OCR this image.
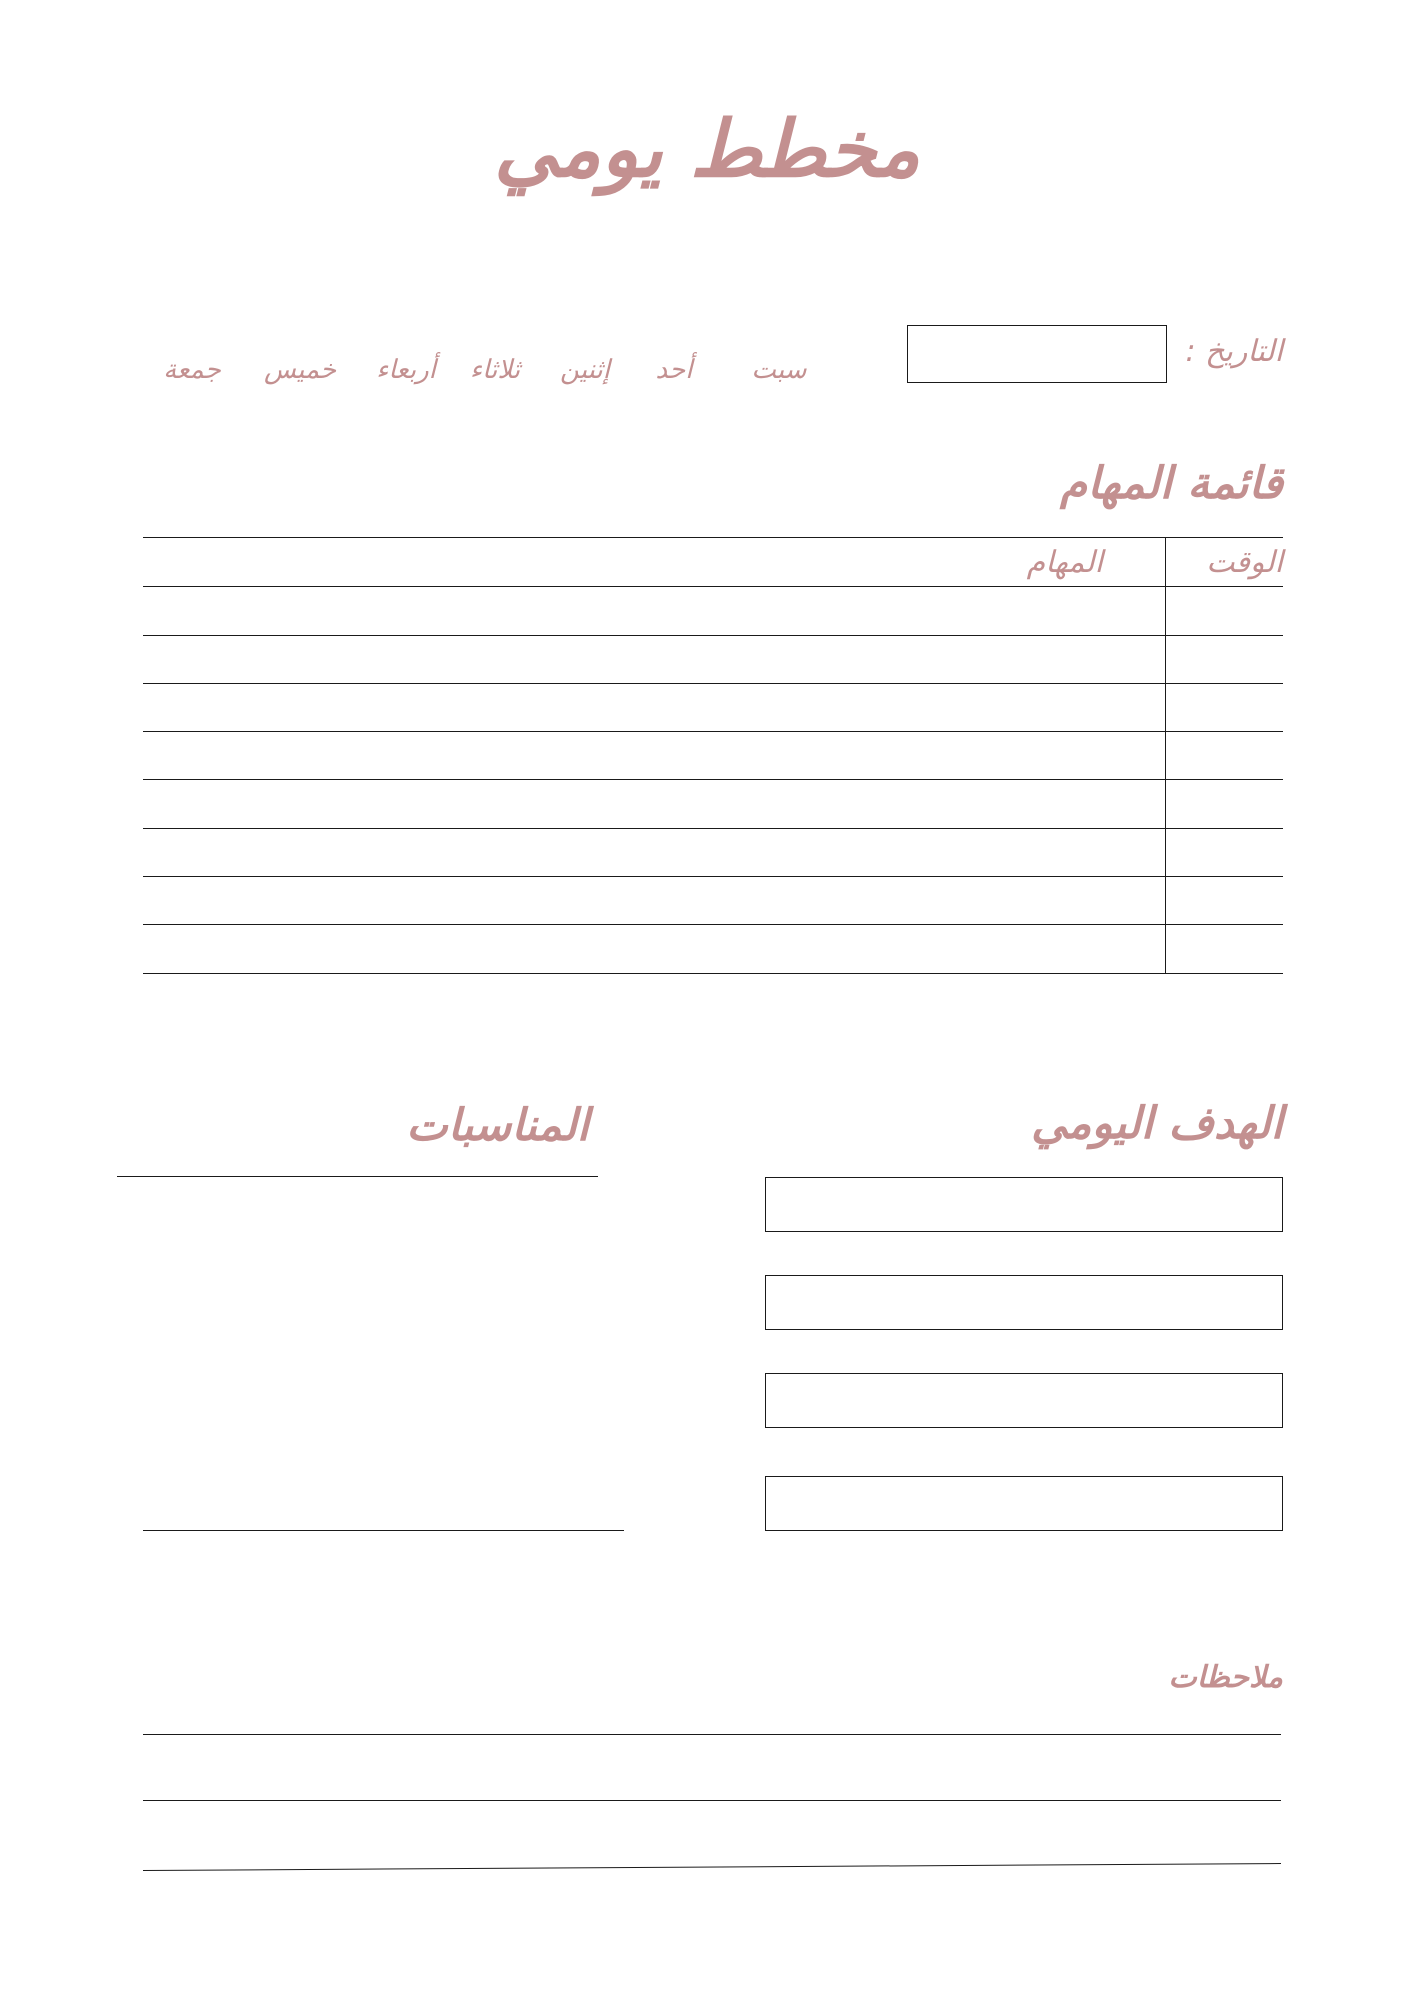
مخطط يومي
التاريخ :
سبت
أحد
إثنين
ثلاثاء
أربعاء
خميس
جمعة
قائمة المهام
الوقت
المهام
الهدف اليومي
المناسبات
ملاحظات
